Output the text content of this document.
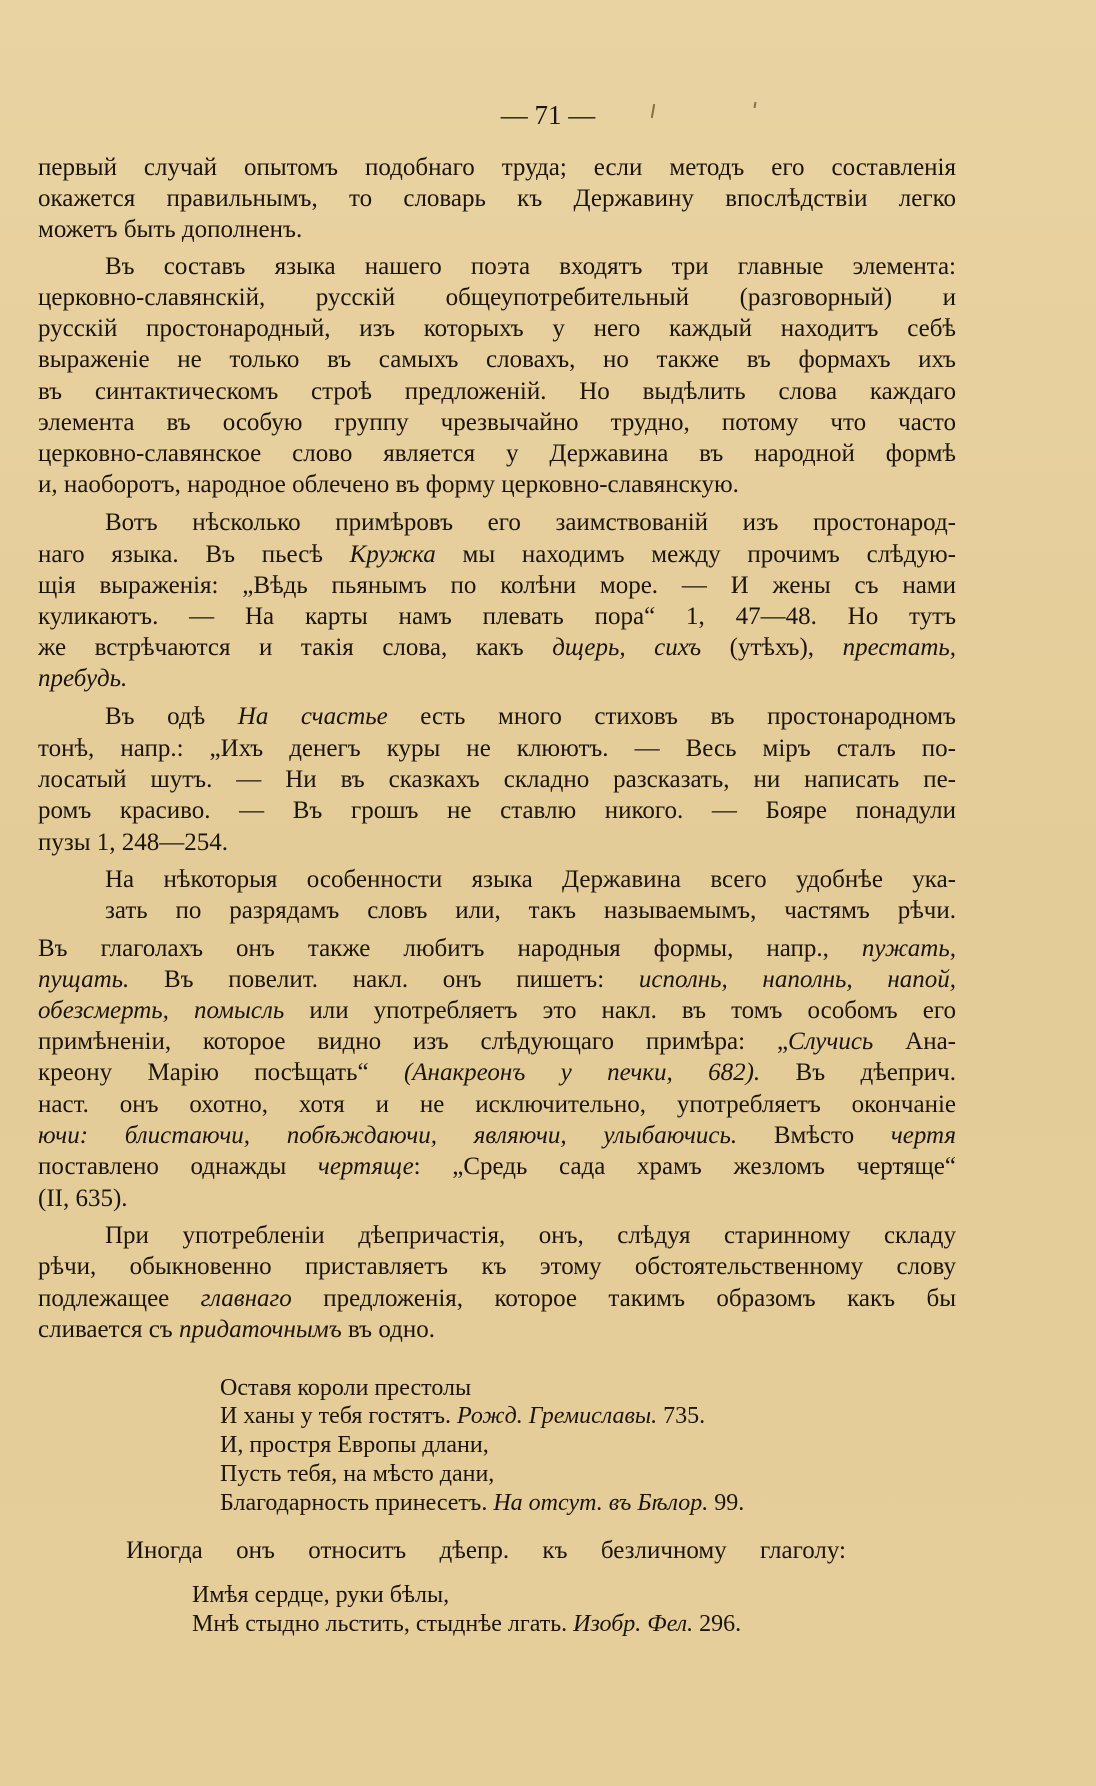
— 71 —
первый случай опытомъ подобнаго труда; если методъ его составленія
окажется правильнымъ, то словарь къ Державину впослѣдствіи легко
можетъ быть дополненъ.
Въ составъ языка нашего поэта входятъ три главные элемента:
церковно-славянскій, русскій общеупотребительный (разговорный) и
русскій простонародный, изъ которыхъ у него каждый находитъ себѣ
выраженіе не только въ самыхъ словахъ, но также въ формахъ ихъ
въ синтактическомъ строѣ предложеній. Но выдѣлить слова каждаго
элемента въ особую группу чрезвычайно трудно, потому что часто
церковно-славянское слово является у Державина въ народной формѣ
и, наоборотъ, народное облечено въ форму церковно-славянскую.
Вотъ нѣсколько примѣровъ его заимствованій изъ простонарод-
наго языка. Въ пьесѣ Кружка мы находимъ между прочимъ слѣдую-
щія выраженія: „Вѣдь пьянымъ по колѣни море. — И жены съ нами
куликаютъ. — На карты намъ плевать пора“ 1, 47—48. Но тутъ
же встрѣчаются и такія слова, какъ дщерь, сихъ (утѣхъ), престать,
пребудь.
Въ одѣ На счастье есть много стиховъ въ простонародномъ
тонѣ, напр.: „Ихъ денегъ куры не клюютъ. — Весь міръ сталъ по-
лосатый шутъ. — Ни въ сказкахъ складно разсказать, ни написать пе-
ромъ красиво. — Въ грошъ не ставлю никого. — Бояре понадули
пузы 1, 248—254.
На нѣкоторыя особенности языка Державина всего удобнѣе ука-
зать по разрядамъ словъ или, такъ называемымъ, частямъ рѣчи.
Въ глаголахъ онъ также любитъ народныя формы, напр., пужать,
пущать. Въ повелит. накл. онъ пишетъ: исполнь, наполнь, напой,
обезсмерть, помысль или употребляетъ это накл. въ томъ особомъ его
примѣненіи, которое видно изъ слѣдующаго примѣра: „Случись Ана-
креону Марію посѣщать“ (Анакреонъ у печки, 682). Въ дѣеприч.
наст. онъ охотно, хотя и не исключительно, употребляетъ окончаніе
ючи: блистаючи, побѣждаючи, являючи, улыбаючись. Вмѣсто чертя
поставлено однажды чертяще: „Средь сада храмъ жезломъ чертяще“
(II, 635).
При употребленіи дѣепричастія, онъ, слѣдуя старинному складу
рѣчи, обыкновенно приставляетъ къ этому обстоятельственному слову
подлежащее главнаго предложенія, которое такимъ образомъ какъ бы
сливается съ придаточнымъ въ одно.
Оставя короли престолы
И ханы у тебя гостятъ. Рожд. Гремиславы. 735.
И, простря Европы длани,
Пусть тебя, на мѣсто дани,
Благодарность принесетъ. На отсут. въ Бѣлор. 99.
Иногда онъ относитъ дѣепр. къ безличному глаголу:
Имѣя сердце, руки бѣлы,
Мнѣ стыдно льстить, стыднѣе лгать. Изобр. Фел. 296.
